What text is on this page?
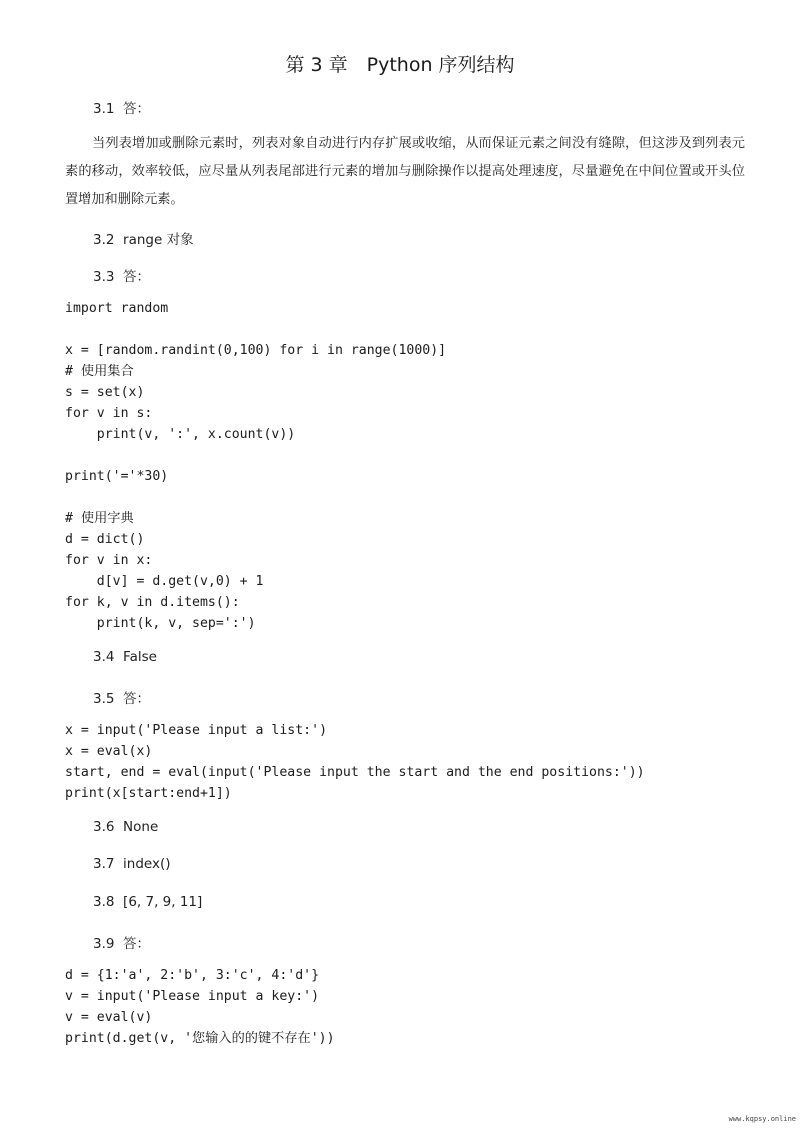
第 3 章　Python 序列结构
3.1  答：

当列表增加或删除元素时，列表对象自动进行内存扩展或收缩，从而保证元素之间没有缝隙，但这涉及到列表元素的移动，效率较低，应尽量从列表尾部进行元素的增加与删除操作以提高处理速度，尽量避免在中间位置或开头位置增加和删除元素。

3.2  range 对象
3.3  答：
import random

x = [random.randint(0,100) for i in range(1000)]
# 使用集合
s = set(x)
for v in s:
print(v, ':', x.count(v))

print('='*30)

# 使用字典
d = dict()
for v in x:
d[v] = d.get(v,0) + 1
for k, v in d.items():
print(k, v, sep=':')
3.4  False
3.5  答：
x = input('Please input a list:')
x = eval(x)
start, end = eval(input('Please input the start and the end positions:'))
print(x[start:end+1])
3.6  None
3.7  index()
3.8  [6, 7, 9, 11]
3.9  答：
d = {1:'a', 2:'b', 3:'c', 4:'d'}
v = input('Please input a key:')
v = eval(v)
print(d.get(v, '您输入的的键不存在'))
www.kqpsy.online
